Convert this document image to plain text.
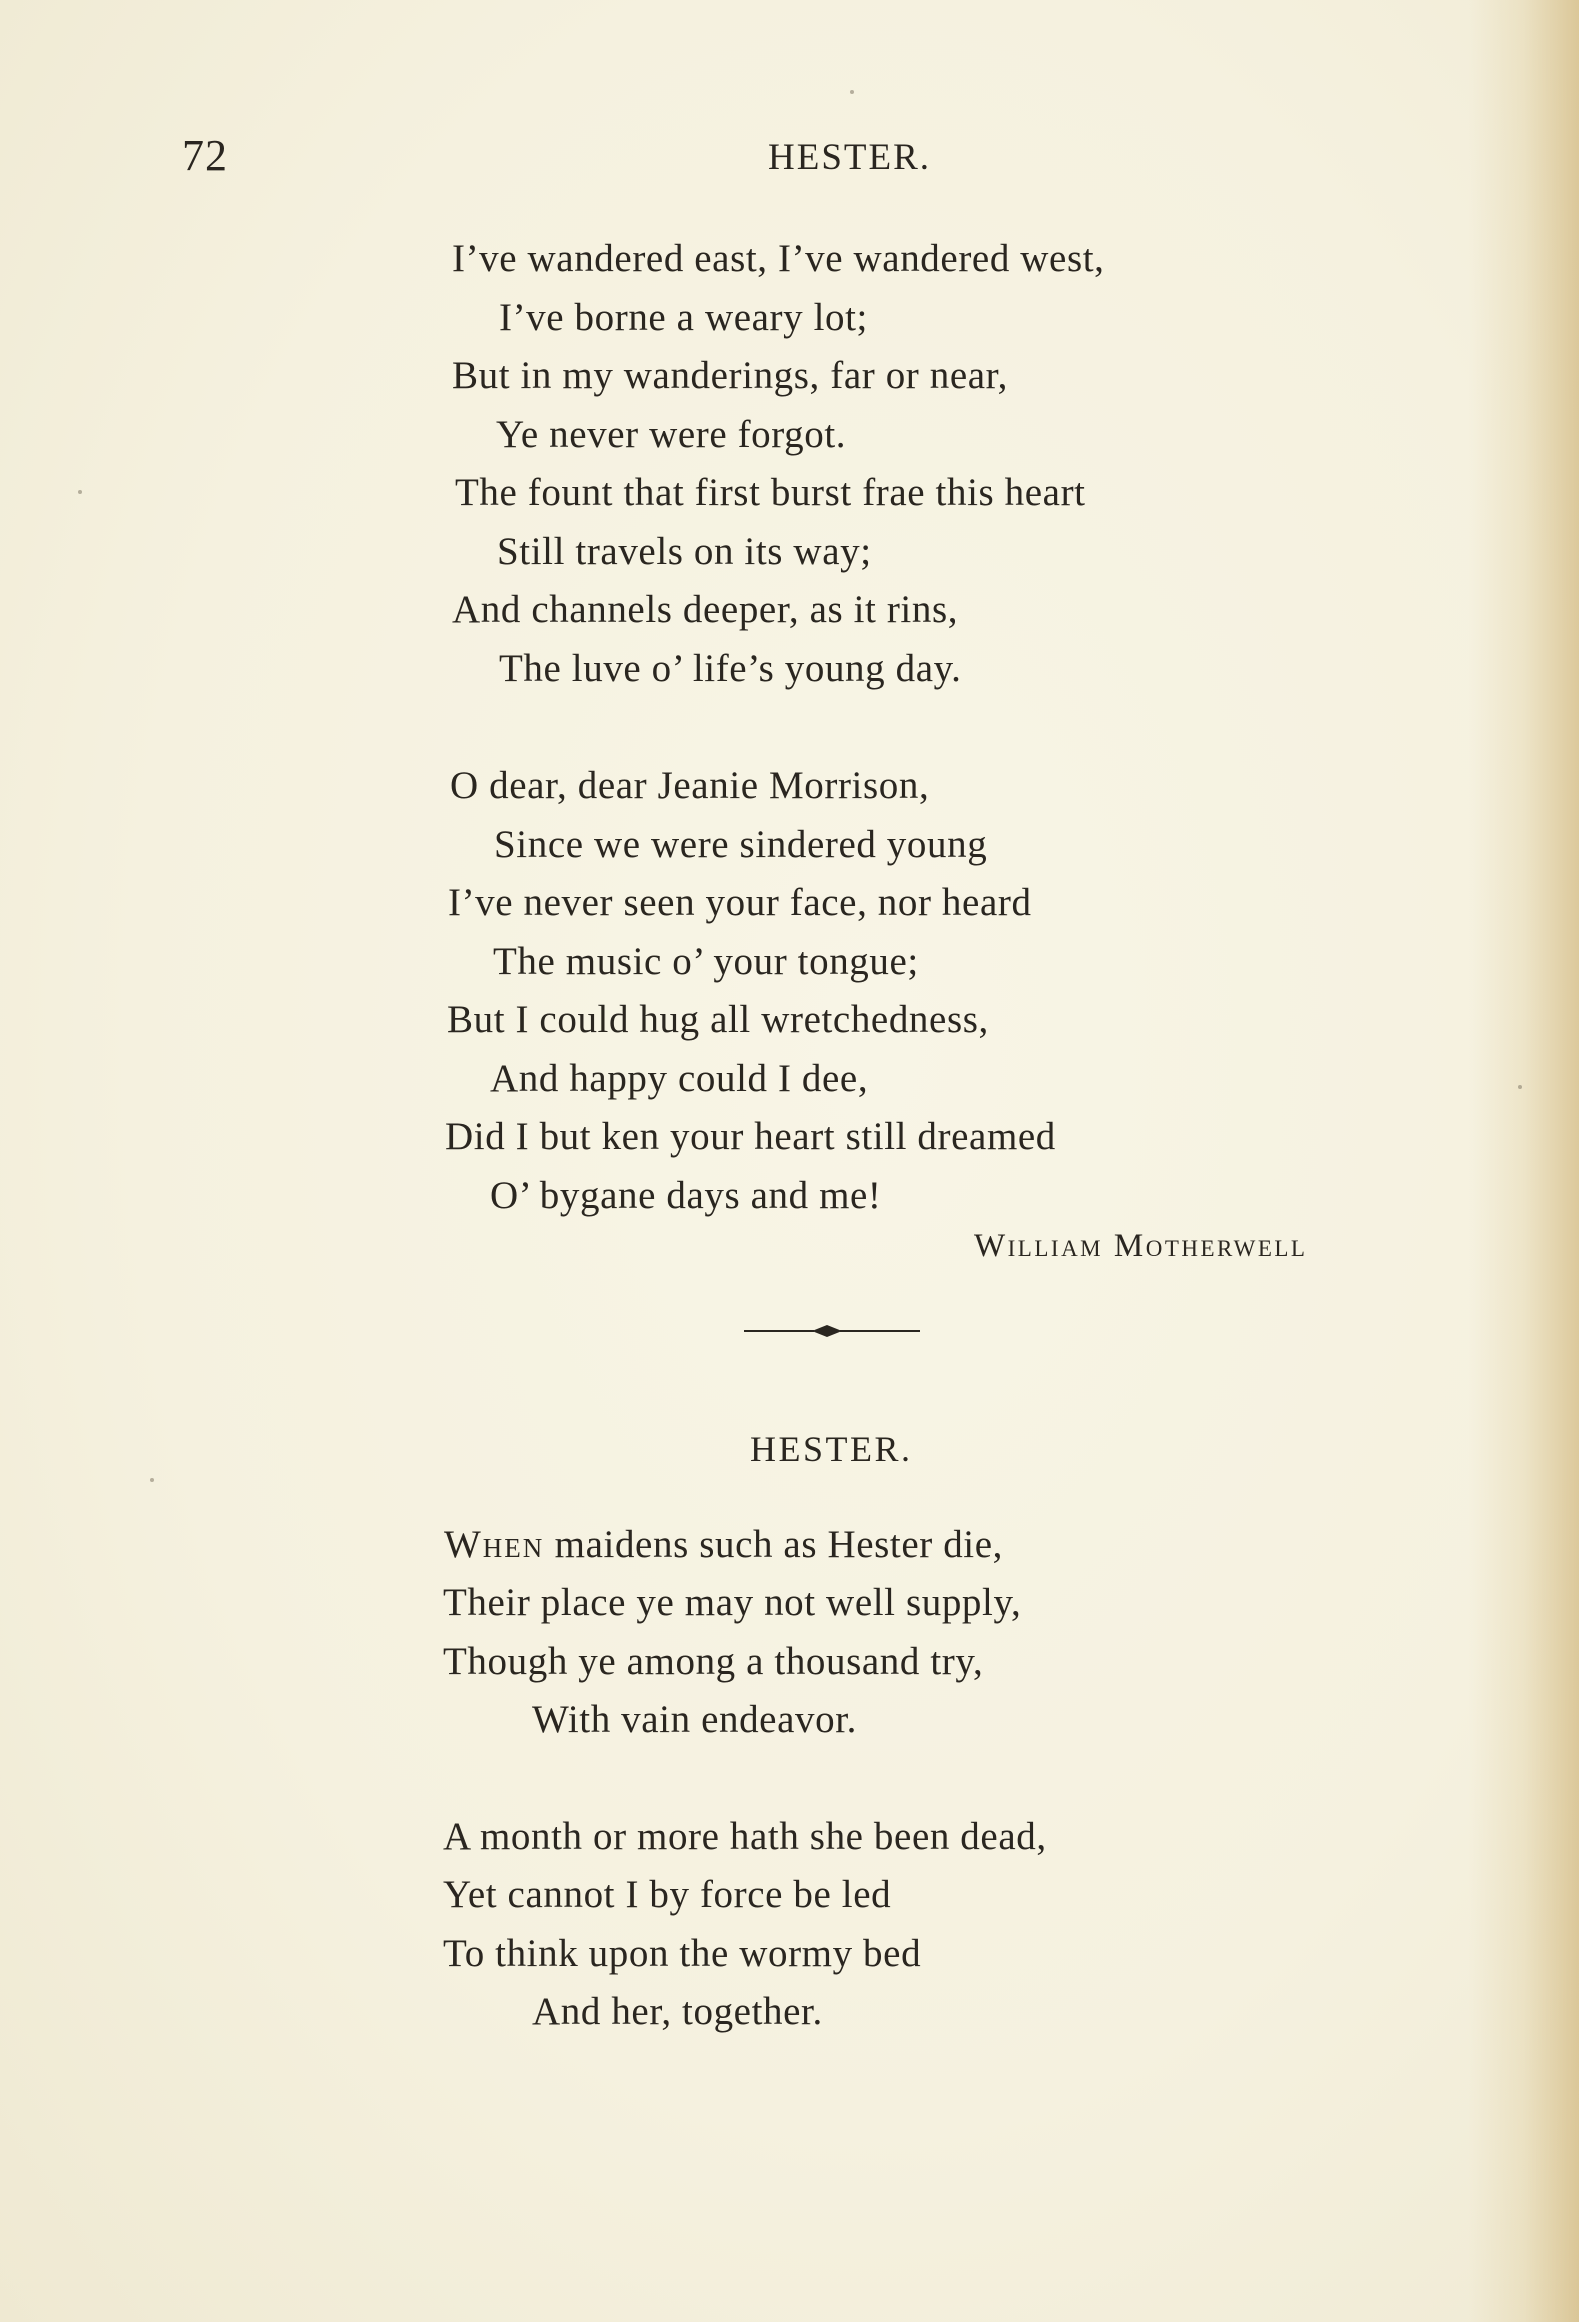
72	HESTER.
I’ve wandered east, I’ve wandered west,
I’ve borne a weary lot;
But in my wanderings, far or near,
Ye never were forgot.
The fount that first burst frae this heart
Still travels on its way;
And channels deeper, as it rins,
The luve o’ life’s young day.
O dear, dear Jeanie Morrison,
Since we were sindered young
I’ve never seen your face, nor heard
The music o’ your tongue;
But I could hug all wretchedness,
And happy could I dee,
Did I but ken your heart still dreamed
O’ bygane days and me!
William Motherwell
HESTER.
When maidens such as Hester die,
Their place ye may not well supply,
Though ye among a thousand try,
With vain endeavor.
A month or more hath she been dead,
Yet cannot I by force be led
To think upon the wormy bed
And her, together.
